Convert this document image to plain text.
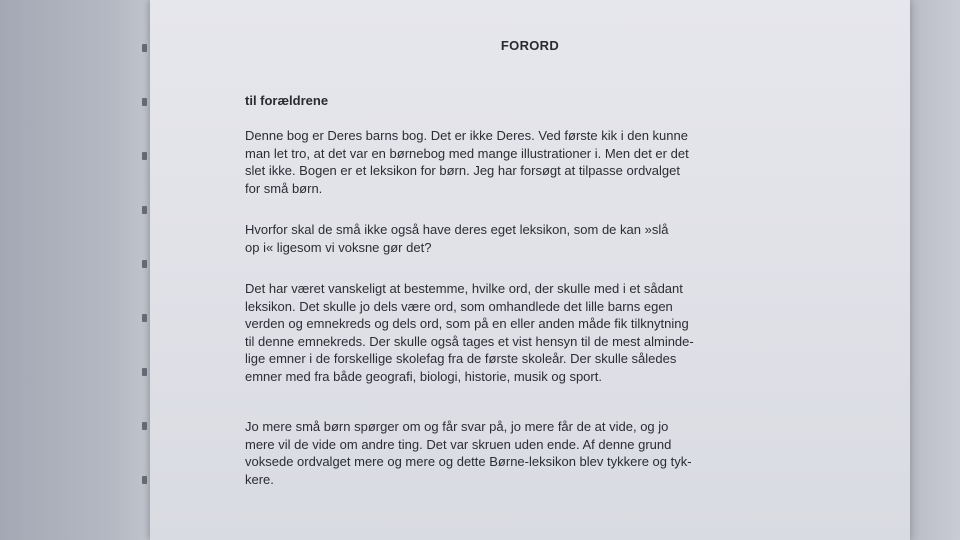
FORORD
til forældrene
Denne bog er Deres barns bog. Det er ikke Deres. Ved første kik i den kunne
man let tro, at det var en børnebog med mange illustrationer i. Men det er det
slet ikke. Bogen er et leksikon for børn. Jeg har forsøgt at tilpasse ordvalget
for små børn.
Hvorfor skal de små ikke også have deres eget leksikon, som de kan »slå
op i« ligesom vi voksne gør det?
Det har været vanskeligt at bestemme, hvilke ord, der skulle med i et sådant
leksikon. Det skulle jo dels være ord, som omhandlede det lille barns egen
verden og emnekreds og dels ord, som på en eller anden måde fik tilknytning
til denne emnekreds. Der skulle også tages et vist hensyn til de mest alminde-
lige emner i de forskellige skolefag fra de første skoleår. Der skulle således
emner med fra både geografi, biologi, historie, musik og sport.
Jo mere små børn spørger om og får svar på, jo mere får de at vide, og jo
mere vil de vide om andre ting. Det var skruen uden ende. Af denne grund
voksede ordvalget mere og mere og dette Børne-leksikon blev tykkere og tyk-
kere.
